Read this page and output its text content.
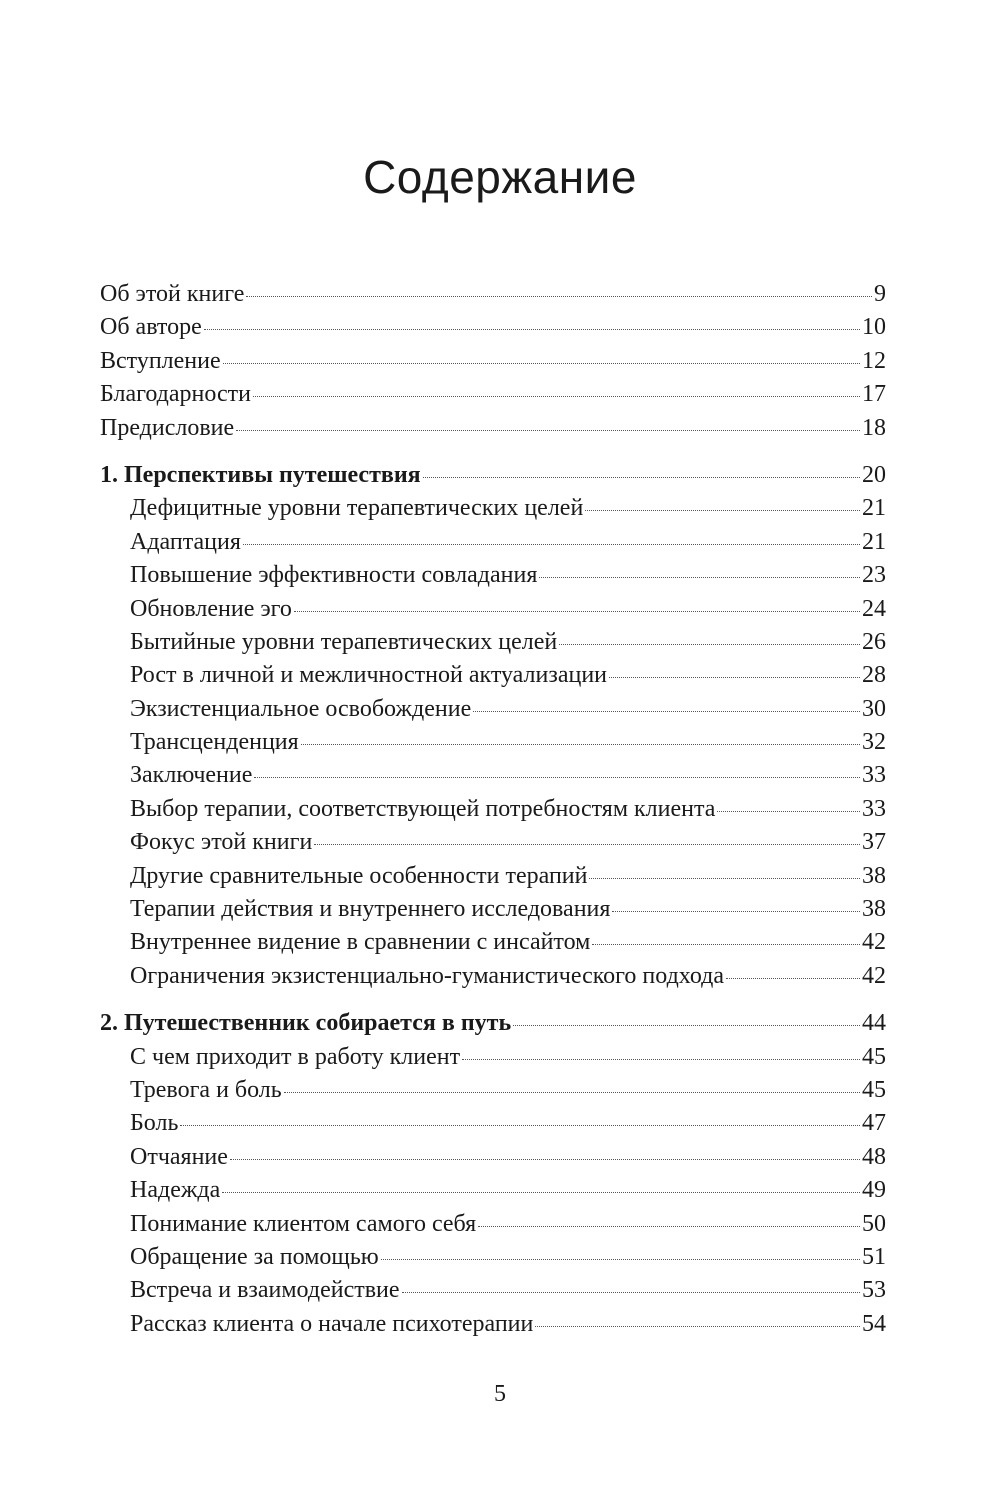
Содержание
Об этой книге	9
Об авторе	10
Вступление	12
Благодарности	17
Предисловие	18
1. Перспективы путешествия	20
Дефицитные уровни терапевтических целей	21
Адаптация	21
Повышение эффективности совладания	23
Обновление эго	24
Бытийные уровни терапевтических целей	26
Рост в личной и межличностной актуализации	28
Экзистенциальное освобождение	30
Трансценденция	32
Заключение	33
Выбор терапии, соответствующей потребностям клиента	33
Фокус этой книги	37
Другие сравнительные особенности терапий	38
Терапии действия и внутреннего исследования	38
Внутреннее видение в сравнении с инсайтом	42
Ограничения экзистенциально-гуманистического подхода	42
2. Путешественник собирается в путь	44
С чем приходит в работу клиент	45
Тревога и боль	45
Боль	47
Отчаяние	48
Надежда	49
Понимание клиентом самого себя	50
Обращение за помощью	51
Встреча и взаимодействие	53
Рассказ клиента о начале психотерапии	54
5
